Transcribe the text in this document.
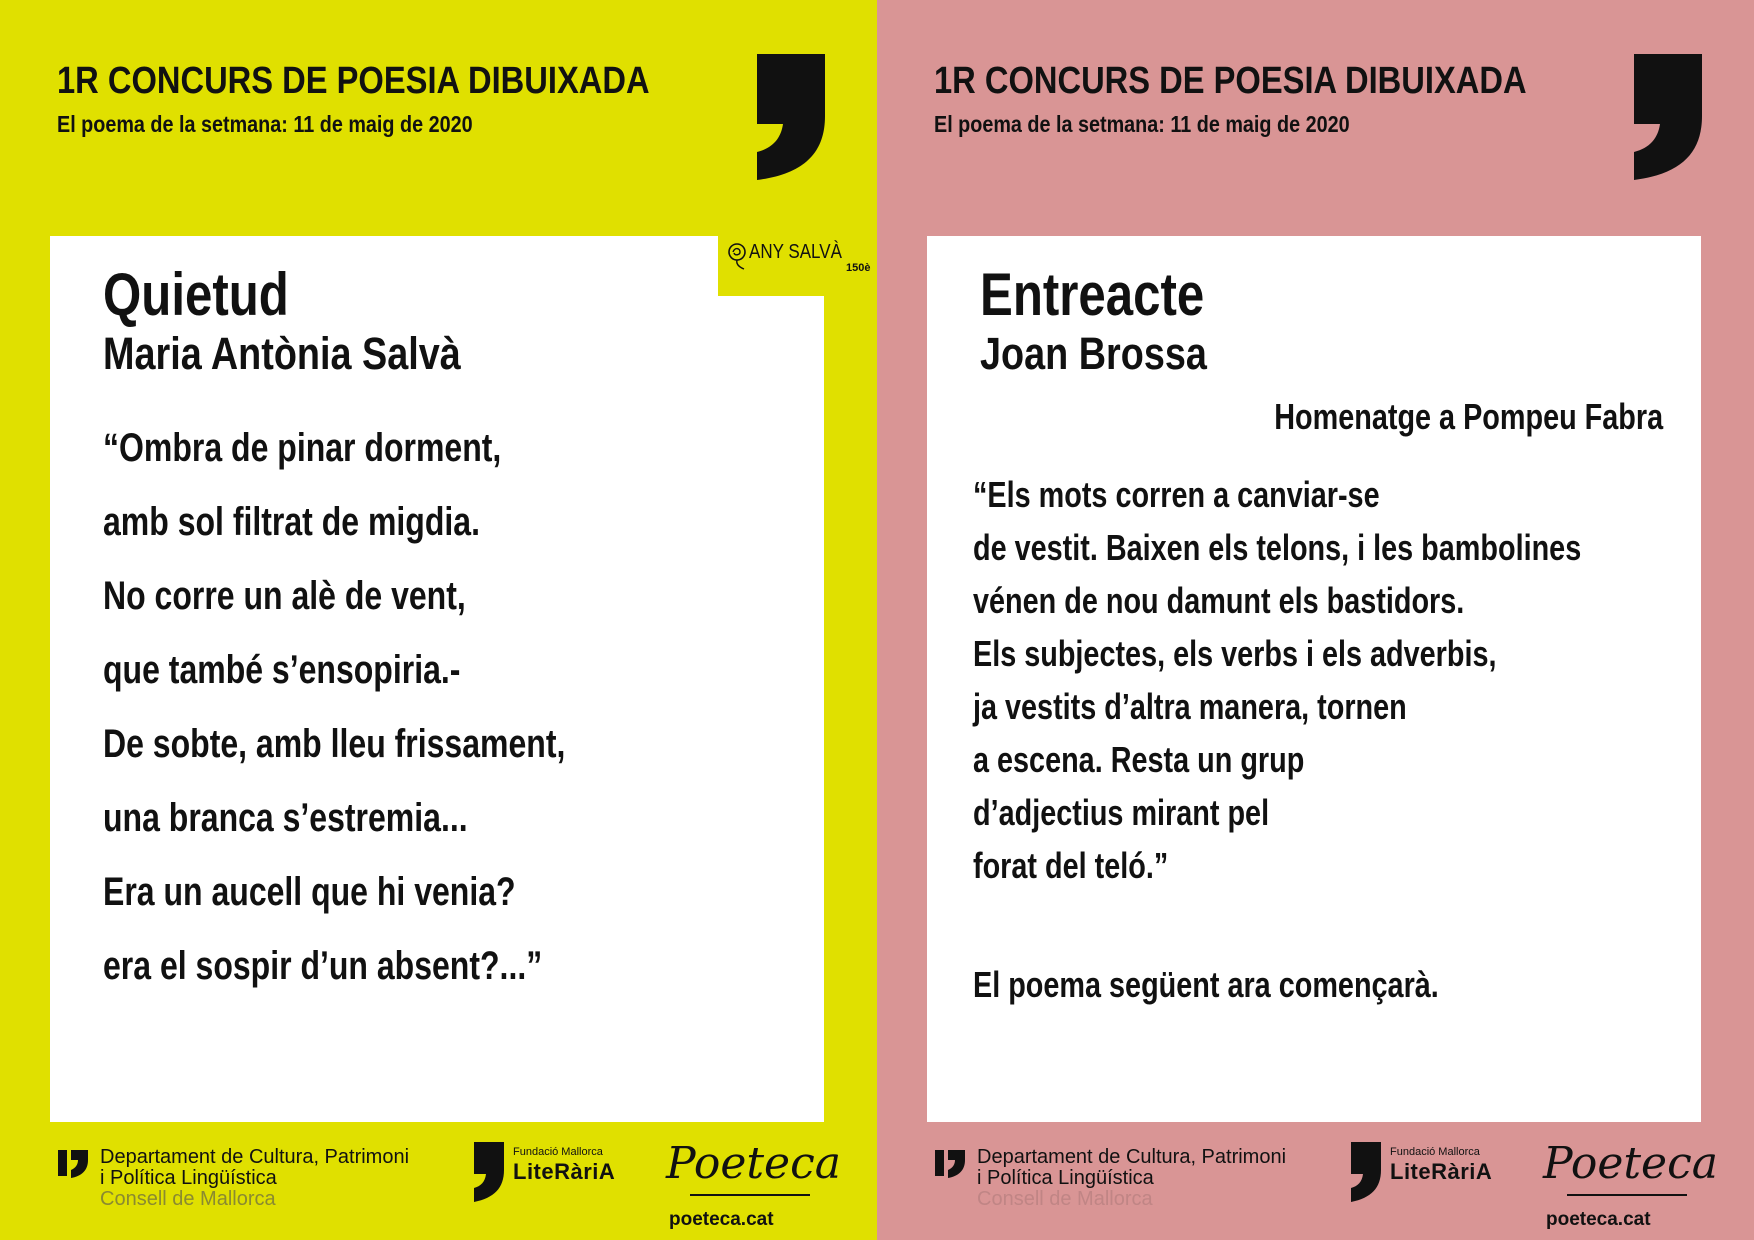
1R CONCURS DE POESIA DIBUIXADA

El poema de la setmana: 11 de maig de 2020

ANY SALVÀ
150è
Quietud
Maria Antònia Salvà

“Ombra de pinar dorment,

amb sol filtrat de migdia.

No corre un alè de vent,

que també s’ensopiria.-

De sobte, amb lleu frissament,

una branca s’estremia...

Era un aucell que hi venia?

era el sospir d’un absent?...”

Departament de Cultura, Patrimoni

i Política Lingüística

Consell de Mallorca

Fundació Mallorca
LiteRàriA Poeteca
poeteca.cat
1R CONCURS DE POESIA DIBUIXADA

El poema de la setmana: 11 de maig de 2020

Entreacte
Joan Brossa

Homenatge a Pompeu Fabra

“Els mots corren a canviar-se

de vestit. Baixen els telons, i les bambolines

vénen de nou damunt els bastidors.

Els subjectes, els verbs i els adverbis,

ja vestits d’altra manera, tornen

a escena. Resta un grup

d’adjectius mirant pel

forat del teló.”

El poema següent ara començarà.

Departament de Cultura, Patrimoni

i Política Lingüística

Consell de Mallorca

Fundació Mallorca
LiteRàriA Poeteca
poeteca.cat
